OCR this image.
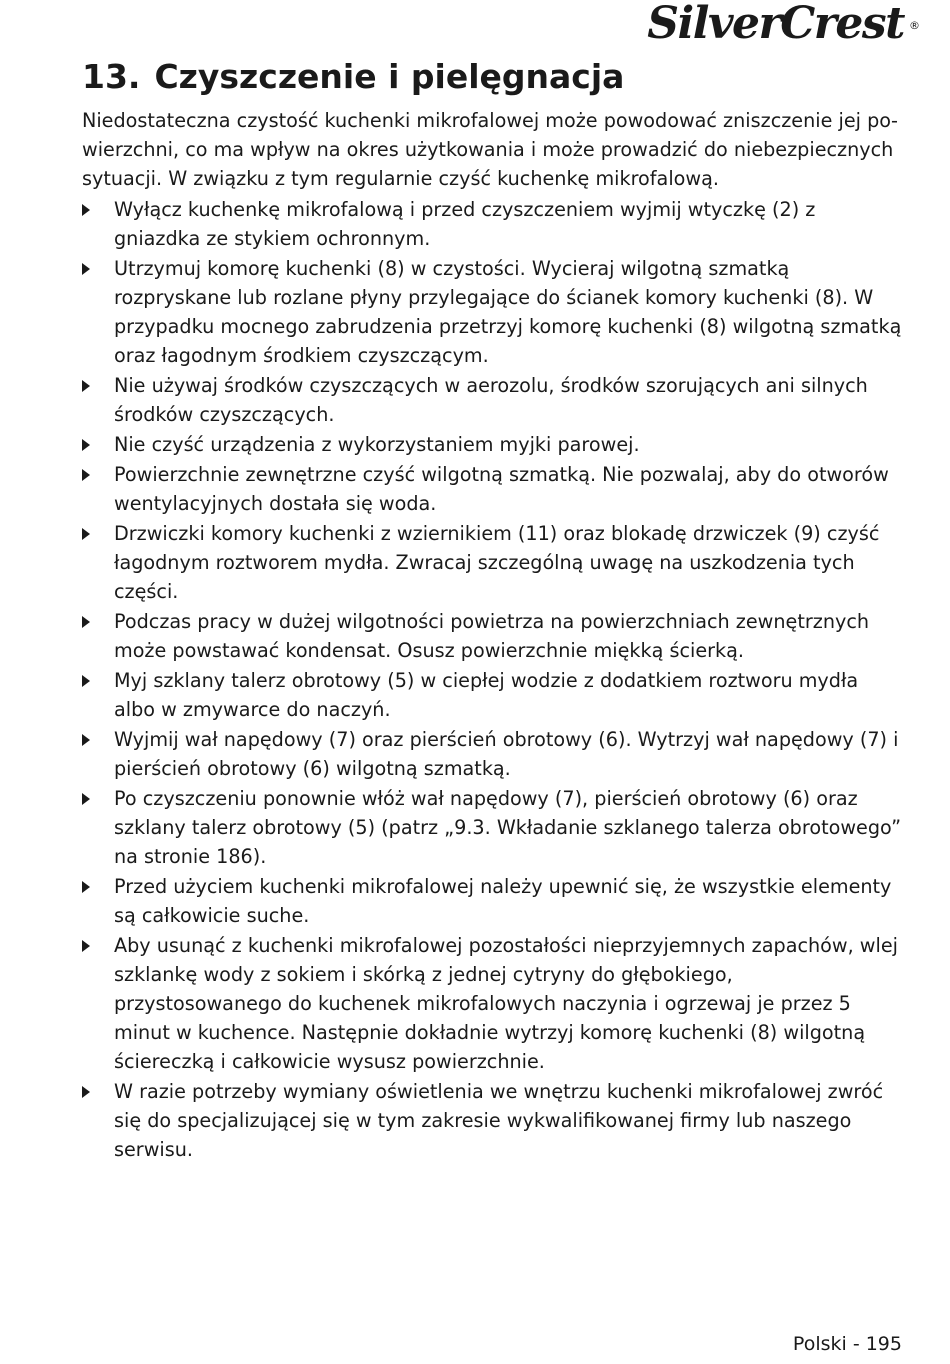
SilverCrest ®
13. Czyszczenie i pielęgnacja

Niedostateczna czystość kuchenki mikrofalowej może powodować zniszczenie jej powierzchni, co ma wpływ na okres użytkowania i może prowadzić do niebezpiecznych sytuacji. W związku z tym regularnie czyść kuchenkę mikrofalową.

Wyłącz kuchenkę mikrofalową i przed czyszczeniem wyjmij wtyczkę (2) z gniazdka ze stykiem ochronnym.
Utrzymuj komorę kuchenki (8) w czystości. Wycieraj wilgotną szmatką rozpryskane lub rozlane płyny przylegające do ścianek komory kuchenki (8). W przypadku mocnego zabrudzenia przetrzyj komorę kuchenki (8) wilgotną szmatką oraz łagodnym środkiem czyszczącym.
Nie używaj środków czyszczących w aerozolu, środków szorujących ani silnych środków czyszczących.
Nie czyść urządzenia z wykorzystaniem myjki parowej.
Powierzchnie zewnętrzne czyść wilgotną szmatką. Nie pozwalaj, aby do otworów wentylacyjnych dostała się woda.
Drzwiczki komory kuchenki z wziernikiem (11) oraz blokadę drzwiczek (9) czyść łagodnym roztworem mydła. Zwracaj szczególną uwagę na uszkodzenia tych części.
Podczas pracy w dużej wilgotności powietrza na powierzchniach zewnętrznych może powstawać kondensat. Osusz powierzchnie miękką ścierką.
Myj szklany talerz obrotowy (5) w ciepłej wodzie z dodatkiem roztworu mydła albo w zmywarce do naczyń.
Wyjmij wał napędowy (7) oraz pierścień obrotowy (6). Wytrzyj wał napędowy (7) i pierścień obrotowy (6) wilgotną szmatką.
Po czyszczeniu ponownie włóż wał napędowy (7), pierścień obrotowy (6) oraz szklany talerz obrotowy (5) (patrz „9.3. Wkładanie szklanego talerza obrotowego” na stronie 186).
Przed użyciem kuchenki mikrofalowej należy upewnić się, że wszystkie elementy są całkowicie suche.
Aby usunąć z kuchenki mikrofalowej pozostałości nieprzyjemnych zapachów, wlej szklankę wody z sokiem i skórką z jednej cytryny do głębokiego, przystosowanego do kuchenek mikrofalowych naczynia i ogrzewaj je przez 5 minut w kuchence. Następnie dokładnie wytrzyj komorę kuchenki (8) wilgotną ściereczką i całkowicie wysusz powierzchnie.
W razie potrzeby wymiany oświetlenia we wnętrzu kuchenki mikrofalowej zwróć się do specjalizującej się w tym zakresie wykwalifikowanej firmy lub naszego serwisu.
Polski - 195
